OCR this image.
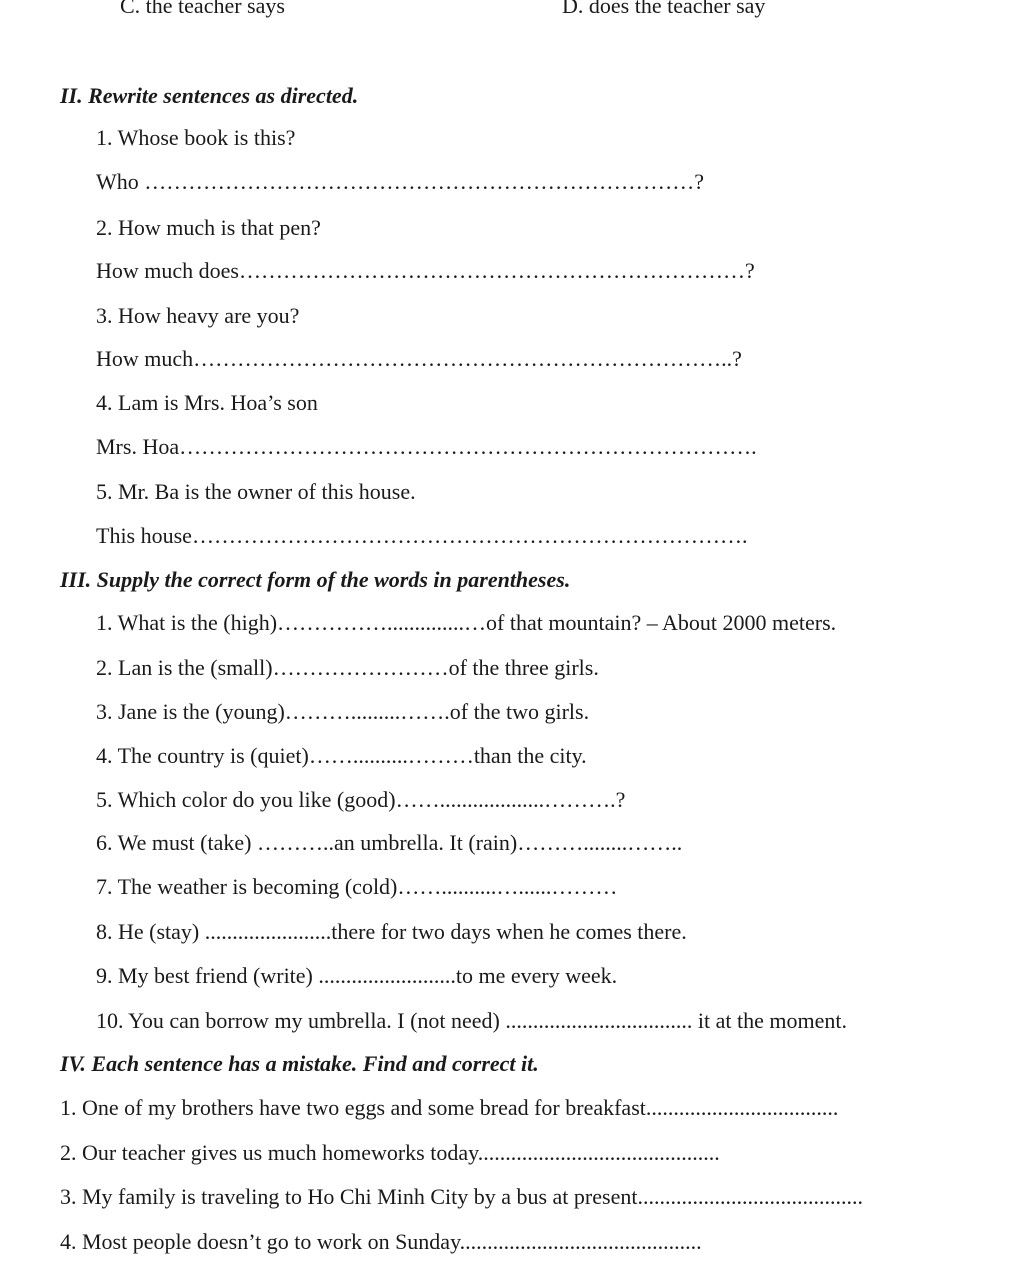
C. the teacher says	D. does the teacher say
II. Rewrite sentences as directed.
1. Whose book is this?
Who …………………………………………………………………?
2. How much is that pen?
How much does……………………………………………………………?
3. How heavy are you?
How much………………………………………………………………..?
4. Lam is Mrs. Hoa’s son
Mrs. Hoa…………………………………………………………………….
5. Mr. Ba is the owner of this house.
This house………………………………………………………………….
III. Supply the correct form of the words in parentheses.
1. What is the (high)……………..............…of that mountain? – About 2000 meters.
2. Lan is the (small)……………………of the three girls.
3. Jane is the (young)……….........…….of the two girls.
4. The country is (quiet)……..........………than the city.
5. Which color do you like (good)……...................……….?
6. We must (take) ………..an umbrella. It (rain)………........……..
7. The weather is becoming (cold)……..........…......………
8. He (stay) .......................there for two days when he comes there.
9. My best friend (write) .........................to me every week.
10. You can borrow my umbrella. I (not need) .................................. it at the moment.
IV. Each sentence has a mistake. Find and correct it.
1. One of my brothers have two eggs and some bread for breakfast...................................
2. Our teacher gives us much homeworks today............................................
3. My family is traveling to Ho Chi Minh City by a bus at present.........................................
4. Most people doesn’t go to work on Sunday............................................
